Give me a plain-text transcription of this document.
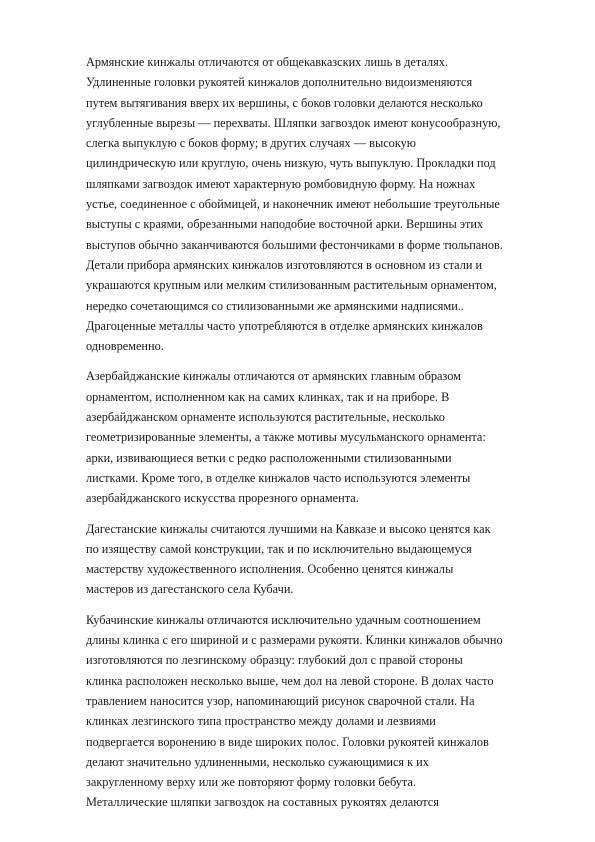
Армянские кинжалы отличаются от общекавказских лишь в деталях.
Удлиненные головки рукоятей кинжалов дополнительно видоизменяются
путем вытягивания вверх их вершины, с боков головки делаются несколько
углубленные вырезы — перехваты. Шляпки загвоздок имеют конусообразную,
слегка выпуклую с боков форму; в других случаях — высокую
цилиндрическую или круглую, очень низкую, чуть выпуклую. Прокладки под
шляпками загвоздок имеют характерную ромбовидную форму. На ножнах
устье, соединенное с обоймицей, и наконечник имеют небольшие треугольные
выступы с краями, обрезанными наподобие восточной арки. Вершины этих
выступов обычно заканчиваются большими фестончиками в форме тюльпанов.
Детали прибора армянских кинжалов изготовляются в основном из стали и
украшаются крупным или мелким стилизованным растительным орнаментом,
нередко сочетающимся со стилизованными же армянскими надписями..
Драгоценные металлы часто употребляются в отделке армянских кинжалов
одновременно.
Азербайджанские кинжалы отличаются от армянских главным образом
орнаментом, исполненном как на самих клинках, так и на приборе. В
азербайджанском орнаменте используются растительные, несколько
геометризированные элементы, а также мотивы мусульманского орнамента:
арки, извивающиеся ветки с редко расположенными стилизованными
листками. Кроме того, в отделке кинжалов часто используются элементы
азербайджанского искусства прорезного орнамента.
Дагестанские кинжалы считаются лучшими на Кавказе и высоко ценятся как
по изяществу самой конструкции, так и по исключительно выдающемуся
мастерству художественного исполнения. Особенно ценятся кинжалы
мастеров из дагестанского села Кубачи.
Кубачинские кинжалы отличаются исключительно удачным соотношением
длины клинка с его шириной и с размерами рукояти. Клинки кинжалов обычно
изготовляются по лезгинскому образцу: глубокий дол с правой стороны
клинка расположен несколько выше, чем дол на левой стороне. В долах часто
травлением наносится узор, напоминающий рисунок сварочной стали. На
клинках лезгинского типа пространство между долами и лезвиями
подвергается воронению в виде широких полос. Головки рукоятей кинжалов
делают значительно удлиненными, несколько сужающимися к их
закругленному верху или же повторяют форму головки бебута.
Металлические шляпки загвоздок на составных рукоятях делаются
